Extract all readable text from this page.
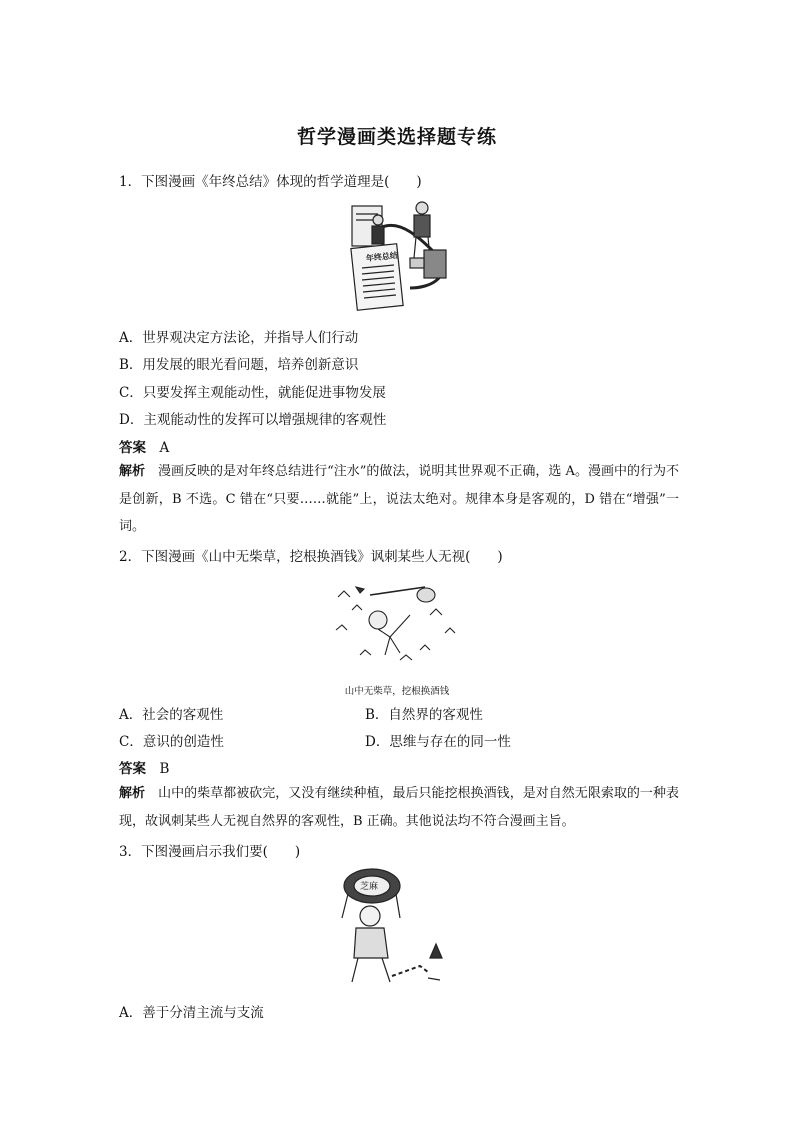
哲学漫画类选择题专练
1．下图漫画《年终总结》体现的哲学道理是(　　)
年终总结
A．世界观决定方法论，并指导人们行动
B．用发展的眼光看问题，培养创新意识
C．只要发挥主观能动性，就能促进事物发展
D．主观能动性的发挥可以增强规律的客观性
答案　 A
解析　 漫画反映的是对年终总结进行“注水”的做法，说明其世界观不正确，选 A。漫画中的行为不是创新，B 不选。C 错在“只要……就能”上，说法太绝对。规律本身是客观的，D 错在“增强”一词。
2．下图漫画《山中无柴草，挖根换酒钱》讽刺某些人无视(　　)
山中无柴草，挖根换酒钱
A．社会的客观性	B．自然界的客观性
C．意识的创造性	D．思维与存在的同一性
答案　 B
解析　 山中的柴草都被砍完，又没有继续种植，最后只能挖根换酒钱，是对自然无限索取的一种表现，故讽刺某些人无视自然界的客观性，B 正确。其他说法均不符合漫画主旨。
3．下图漫画启示我们要(　　)
芝麻
A．善于分清主流与支流
